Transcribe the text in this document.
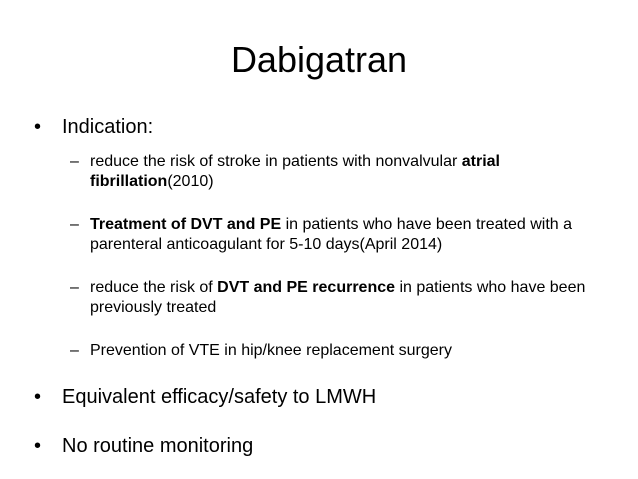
Dabigatran
• Indication:
– reduce the risk of stroke in patients with nonvalvular atrial fibrillation(2010)
– Treatment of DVT and PE in patients who have been treated with a parenteral anticoagulant for 5-10 days(April 2014)
– reduce the risk of DVT and PE recurrence in patients who have been previously treated
– Prevention of VTE in hip/knee replacement surgery
• Equivalent efficacy/safety to LMWH
• No routine monitoring
